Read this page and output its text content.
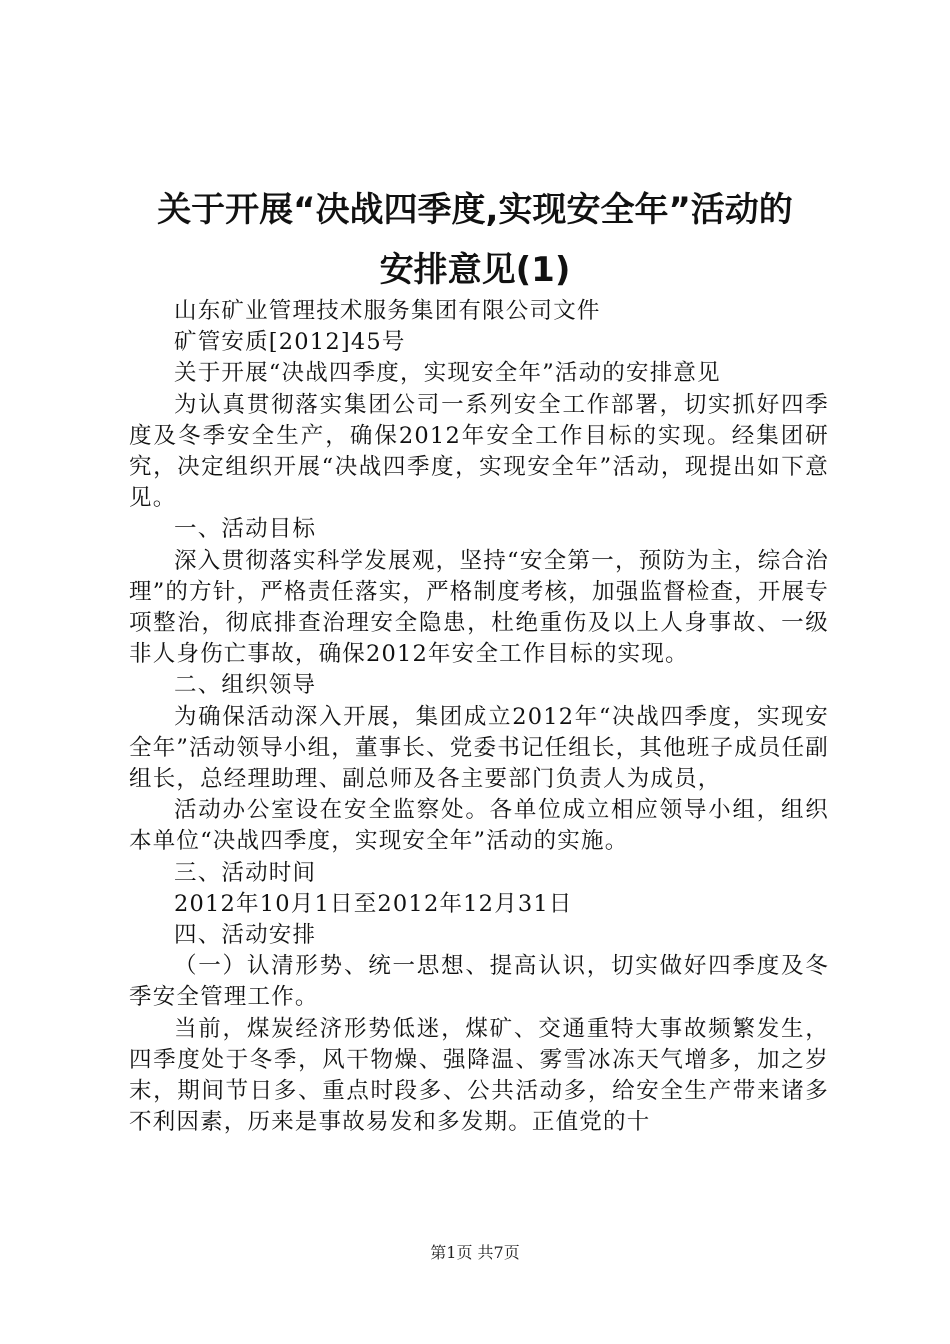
关于开展“决战四季度,实现安全年”活动的
安排意见(1)

山东矿业管理技术服务集团有限公司文件

矿管安质[2012]45号

关于开展“决战四季度，实现安全年”活动的安排意见

为认真贯彻落实集团公司一系列安全工作部署，切实抓好四季度及冬季安全生产，确保2012年安全工作目标的实现。经集团研究，决定组织开展“决战四季度，实现安全年”活动，现提出如下意见。

一、活动目标

深入贯彻落实科学发展观，坚持“安全第一，预防为主，综合治理”的方针，严格责任落实，严格制度考核，加强监督检查，开展专项整治，彻底排查治理安全隐患，杜绝重伤及以上人身事故、一级非人身伤亡事故，确保2012年安全工作目标的实现。

二、组织领导

为确保活动深入开展，集团成立2012年“决战四季度，实现安全年”活动领导小组，董事长、党委书记任组长，其他班子成员任副组长，总经理助理、副总师及各主要部门负责人为成员，

活动办公室设在安全监察处。各单位成立相应领导小组，组织本单位“决战四季度，实现安全年”活动的实施。

三、活动时间

2012年10月1日至2012年12月31日

四、活动安排

（一）认清形势、统一思想、提高认识，切实做好四季度及冬季安全管理工作。

当前，煤炭经济形势低迷，煤矿、交通重特大事故频繁发生，四季度处于冬季，风干物燥、强降温、雾雪冰冻天气增多，加之岁末，期间节日多、重点时段多、公共活动多，给安全生产带来诸多不利因素，历来是事故易发和多发期。正值党的十

第1页 共7页
